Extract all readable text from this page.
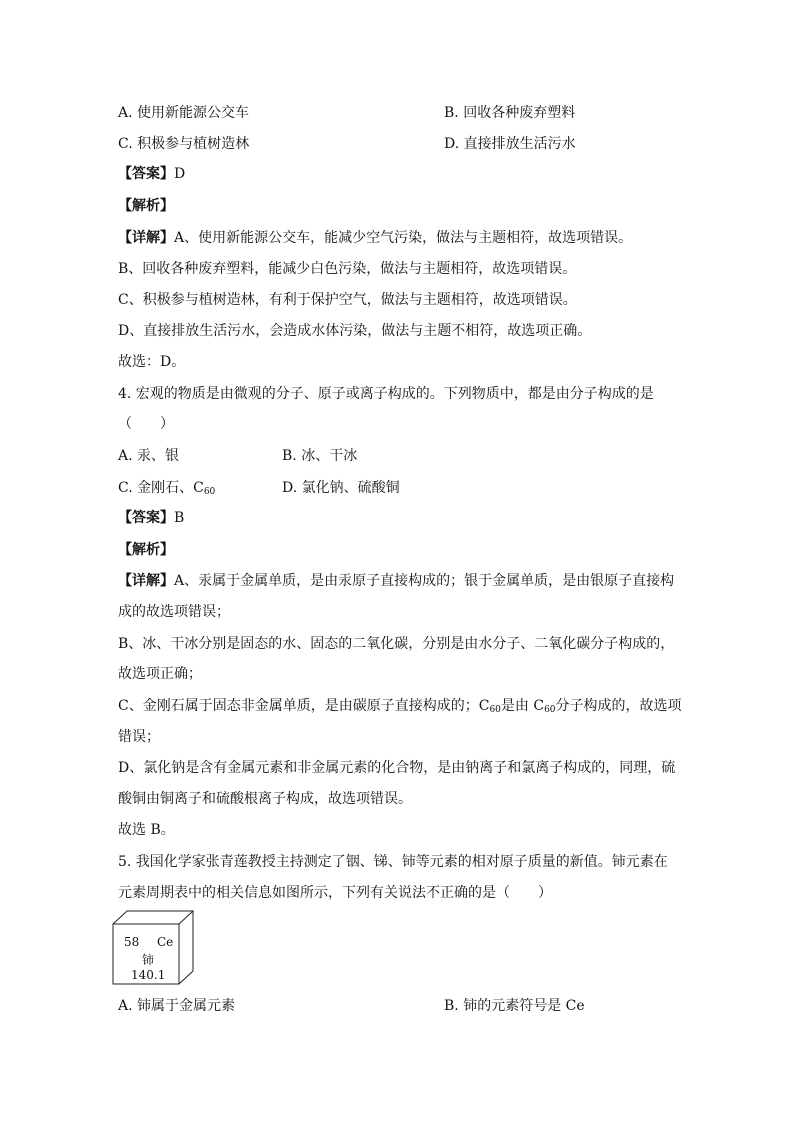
A. 使用新能源公交车	B. 回收各种废弃塑料
C. 积极参与植树造林	D. 直接排放生活污水
【答案】D
【解析】
【详解】A、使用新能源公交车，能减少空气污染，做法与主题相符，故选项错误。
B、回收各种废弃塑料，能减少白色污染，做法与主题相符，故选项错误。
C、积极参与植树造林，有利于保护空气，做法与主题相符，故选项错误。
D、直接排放生活污水，会造成水体污染，做法与主题不相符，故选项正确。
故选：D。
4. 宏观的物质是由微观的分子、原子或离子构成的。下列物质中，都是由分子构成的是
（　　）
A. 汞、银	B. 冰、干冰
C. 金刚石、$C_{60}$	D. 氯化钠、硫酸铜
【答案】B
【解析】
【详解】A、汞属于金属单质，是由汞原子直接构成的；银于金属单质，是由银原子直接构
成的故选项错误；
B、冰、干冰分别是固态的水、固态的二氧化碳，分别是由水分子、二氧化碳分子构成的，
故选项正确；
C、金刚石属于固态非金属单质，是由碳原子直接构成的；$C_{60}$是由 $C_{60}$分子构成的，故选项
错误；
D、氯化钠是含有金属元素和非金属元素的化合物，是由钠离子和氯离子构成的，同理，硫
酸铜由铜离子和硫酸根离子构成，故选项错误。
故选 B。
5. 我国化学家张青莲教授主持测定了铟、锑、铈等元素的相对原子质量的新值。铈元素在
元素周期表中的相关信息如图所示，下列有关说法不正确的是（　　）
58 Ce
铈
140.1
A. 铈属于金属元素	B. 铈的元素符号是 Ce
